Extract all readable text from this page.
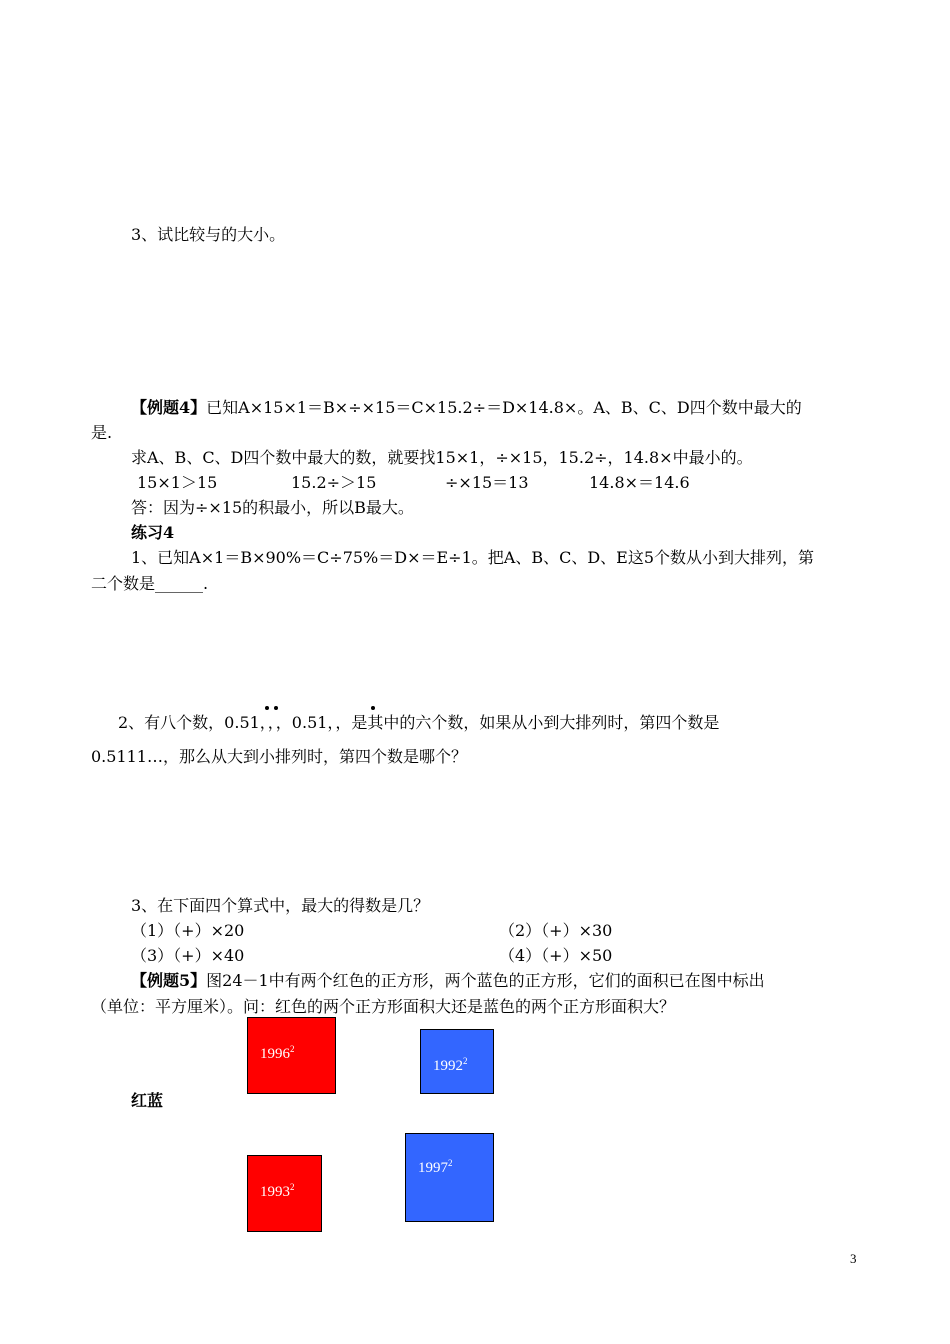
3、试比较与的大小。
【例题4】已知A×15×1＝B×÷×15＝C×15.2÷＝D×14.8×。A、B、C、D四个数中最大的
是.
求A、B、C、D四个数中最大的数，就要找15×1，÷×15，15.2÷，14.8×中最小的。
15×1＞15	15.2÷＞15	÷×15＝13	14.8×＝14.6
答：因为÷×15的积最小，所以B最大。
练习4
1、已知A×1＝B×90%＝C÷75%＝D×＝E÷1。把A、B、C、D、E这5个数从小到大排列，第
二个数是______.
2、有八个数，0.51，，，0.51，，是其中的六个数，如果从小到大排列时，第四个数是
0.5111…，那么从大到小排列时，第四个数是哪个？
3、在下面四个算式中，最大的得数是几？
（1）（+）×20	（2）（+）×30
（3）（+）×40	（4）（+）×50
【例题5】图24－1中有两个红色的正方形，两个蓝色的正方形，它们的面积已在图中标出
（单位：平方厘米）。问：红色的两个正方形面积大还是蓝色的两个正方形面积大？
1996$^2$
1992$^2$
红蓝
1993$^2$
1997$^2$
3
